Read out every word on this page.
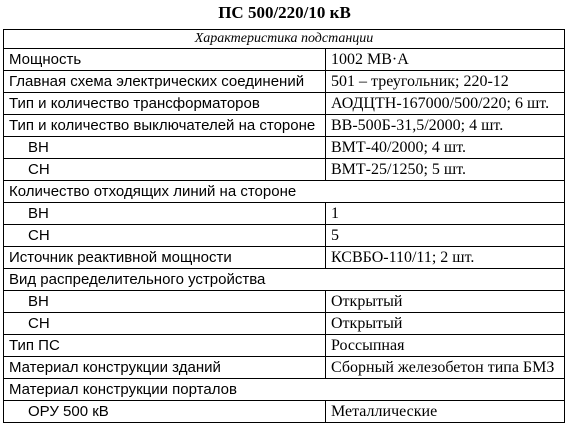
ПС 500/220/10 кВ
Характеристика подстанции	
Мощность	1002 МВ·А
Главная схема электрических соединений	501 – треугольник; 220-12
Тип и количество трансформаторов	АОДЦТН-167000/500/220; 6 шт.
Тип и количество выключателей на стороне	ВВ-500Б-31,5/2000; 4 шт.
ВН	ВМТ-40/2000; 4 шт.
СН	ВМТ-25/1250; 5 шт.
Количество отходящих линий на стороне	
ВН	1
СН	5
Источник реактивной мощности	КСВБО-110/11; 2 шт.
Вид распределительного устройства	
ВН	Открытый
СН	Открытый
Тип ПС	Россыпная
Материал конструкции зданий	Сборный железобетон типа БМЗ
Материал конструкции порталов	
ОРУ 500 кВ	Металлические
